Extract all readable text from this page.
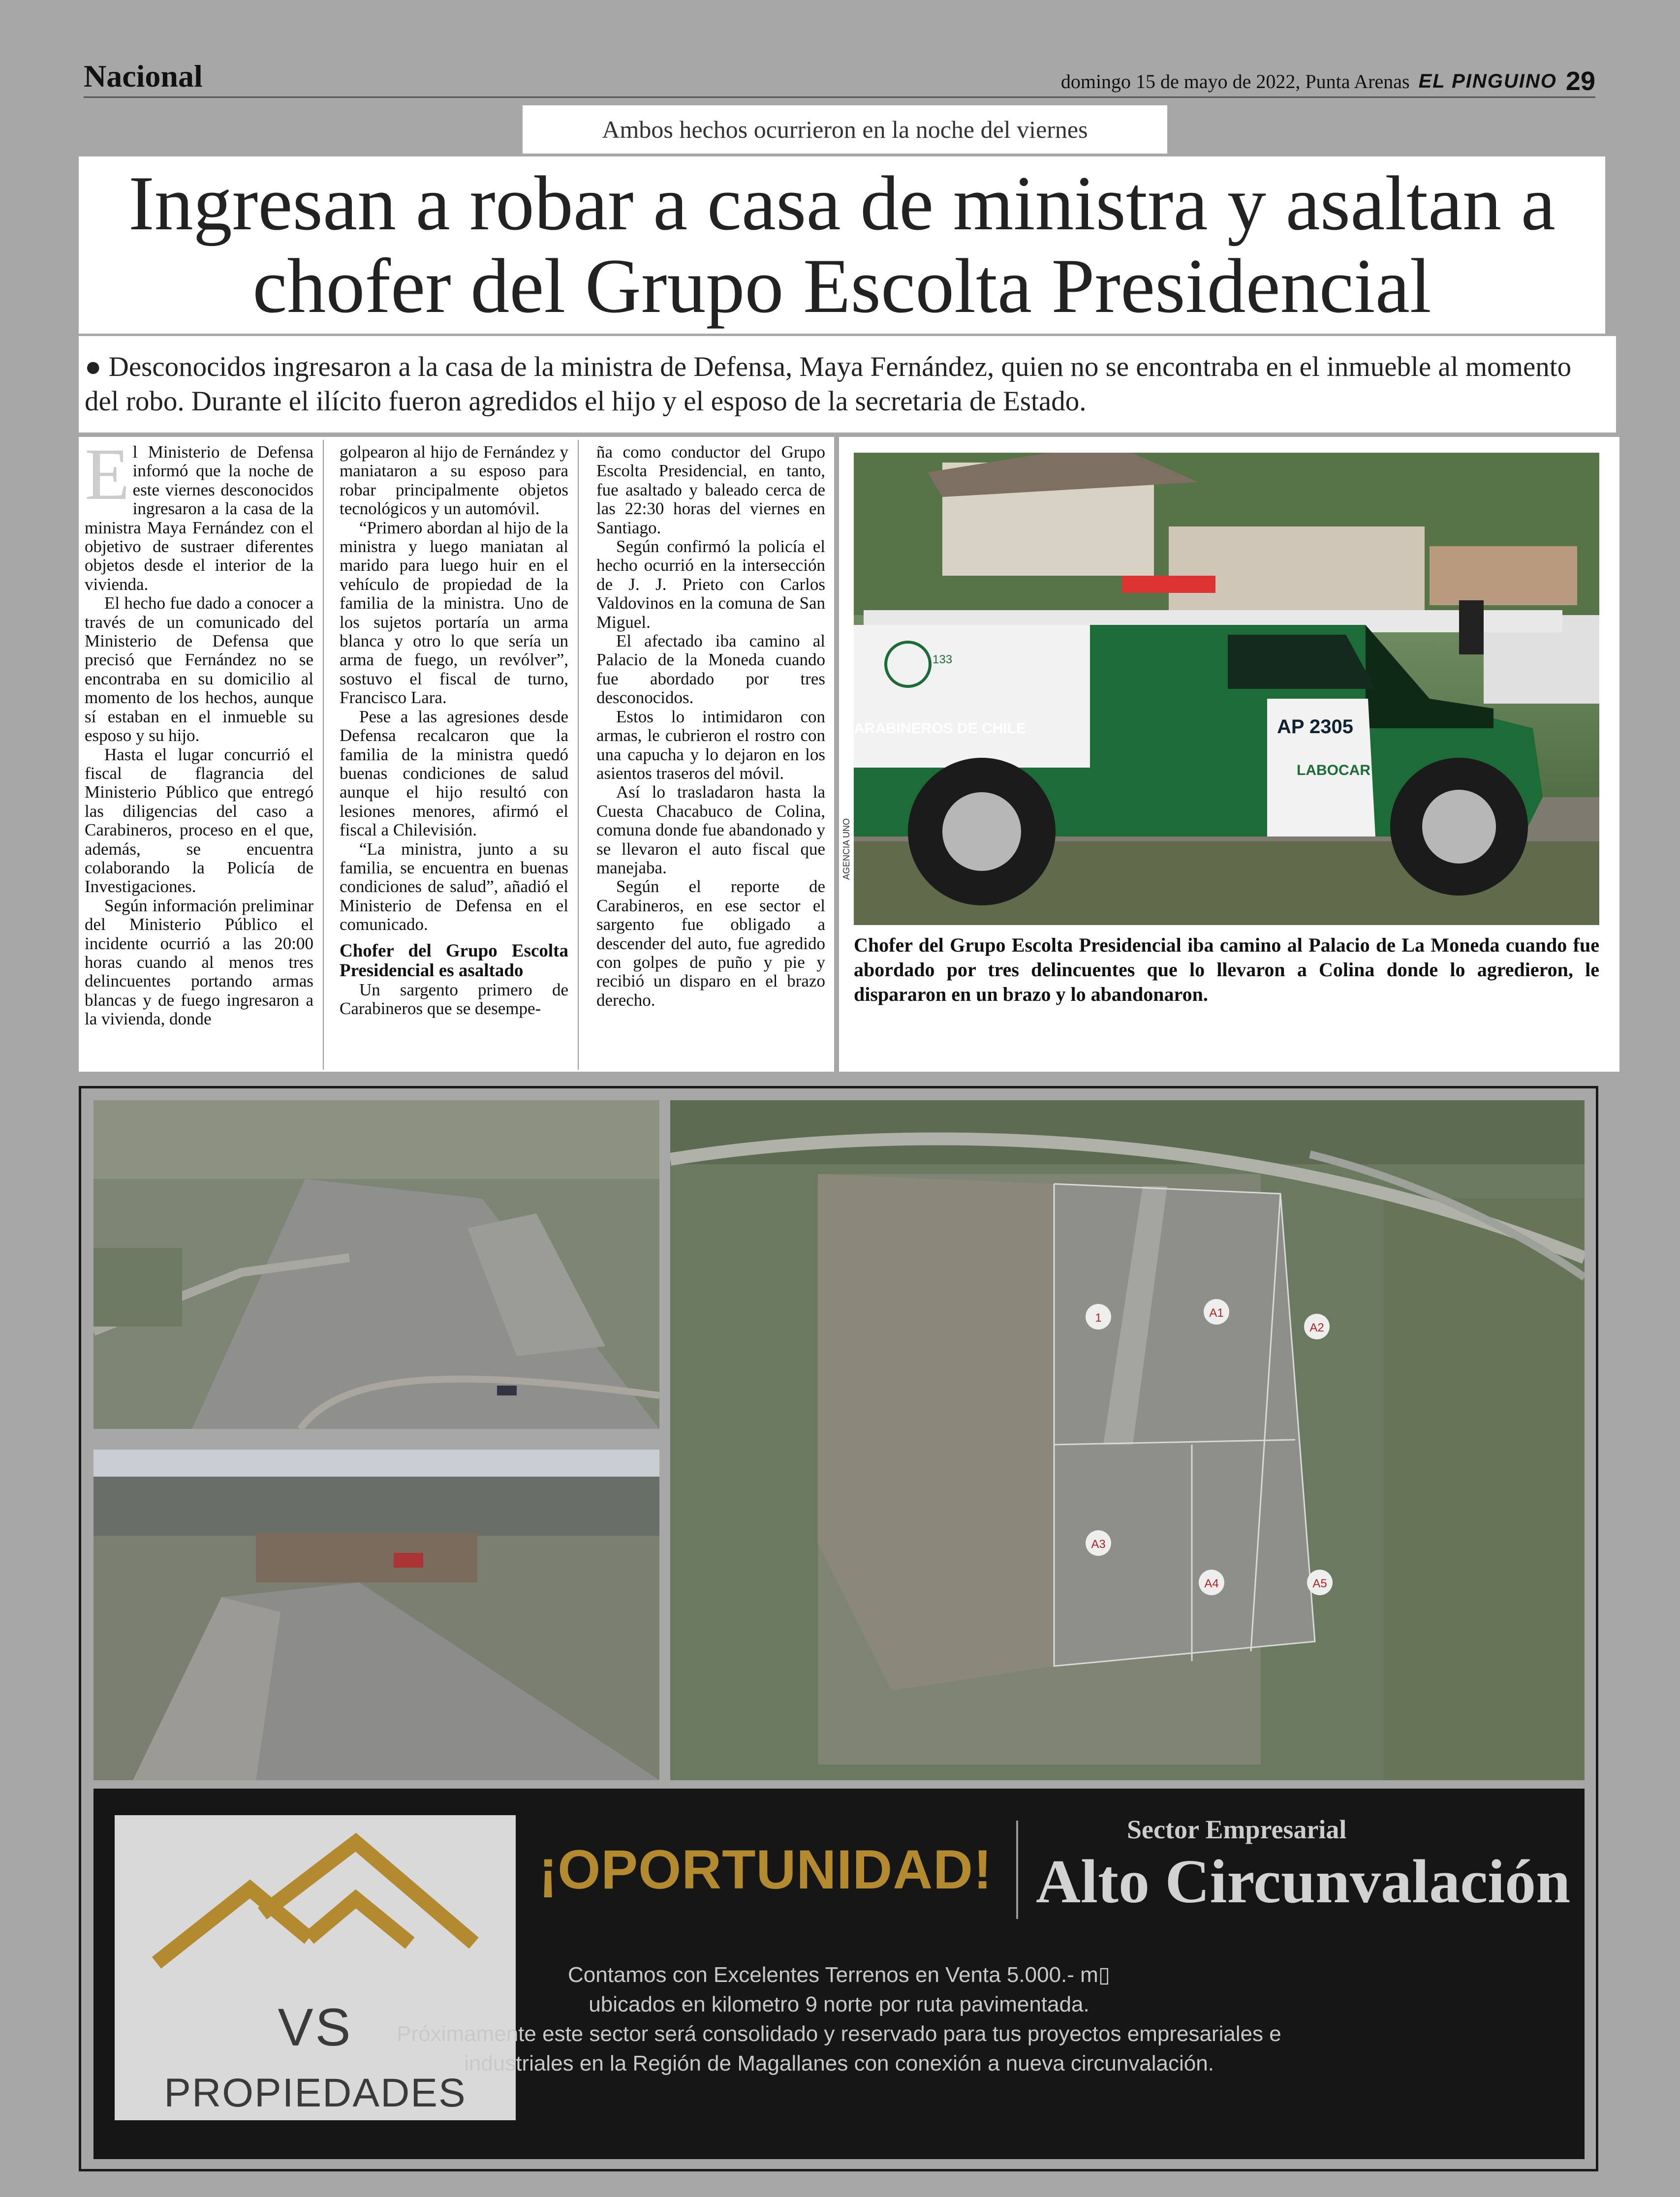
Nacional	domingo 15 de mayo de 2022, Punta Arenas EL PINGUINO 29
Ambos hechos ocurrieron en la noche del viernes
Ingresan a robar a casa de ministra y asaltan a chofer del Grupo Escolta Presidencial
● Desconocidos ingresaron a la casa de la ministra de Defensa, Maya Fernández, quien no se encontraba en el inmueble al momento del robo. Durante el ilícito fueron agredidos el hijo y el esposo de la secretaria de Estado.

El Ministerio de Defensa informó que la noche de este viernes desconocidos ingresaron a la casa de la ministra Maya Fernández con el objetivo de sustraer diferentes objetos desde el interior de la vivienda.

El hecho fue dado a conocer a través de un comunicado del Ministerio de Defensa que precisó que Fernández no se encontraba en su domicilio al momento de los hechos, aunque sí estaban en el inmueble su esposo y su hijo.

Hasta el lugar concurrió el fiscal de flagrancia del Ministerio Público que entregó las diligencias del caso a Carabineros, proceso en el que, además, se encuentra colaborando la Policía de Investigaciones.

Según información preliminar del Ministerio Público el incidente ocurrió a las 20:00 horas cuando al menos tres delincuentes portando armas blancas y de fuego ingresaron a la vivienda, donde

golpearon al hijo de Fernández y maniataron a su esposo para robar principalmente objetos tecnológicos y un automóvil.

“Primero abordan al hijo de la ministra y luego maniatan al marido para luego huir en el vehículo de propiedad de la familia de la ministra. Uno de los sujetos portaría un arma blanca y otro lo que sería un arma de fuego, un revólver”, sostuvo el fiscal de turno, Francisco Lara.

Pese a las agresiones desde Defensa recalcaron que la familia de la ministra quedó buenas condiciones de salud aunque el hijo resultó con lesiones menores, afirmó el fiscal a Chilevisión.

“La ministra, junto a su familia, se encuentra en buenas condiciones de salud”, añadió el Ministerio de Defensa en el comunicado.

Chofer del Grupo Escolta Presidencial es asaltado

Un sargento primero de Carabineros que se desempe-

ña como conductor del Grupo Escolta Presidencial, en tanto, fue asaltado y baleado cerca de las 22:30 horas del viernes en Santiago.

Según confirmó la policía el hecho ocurrió en la intersección de J. J. Prieto con Carlos Valdovinos en la comuna de San Miguel.

El afectado iba camino al Palacio de la Moneda cuando fue abordado por tres desconocidos.

Estos lo intimidaron con armas, le cubrieron el rostro con una capucha y lo dejaron en los asientos traseros del móvil.

Así lo trasladaron hasta la Cuesta Chacabuco de Colina, comuna donde fue abandonado y se llevaron el auto fiscal que manejaba.

Según el reporte de Carabineros, en ese sector el sargento fue obligado a descender del auto, fue agredido con golpes de puño y pie y recibió un disparo en el brazo derecho.

AGENCIA UNO
ARABINEROS DE CHILE	AP 2305
LABOCAR
133
Chofer del Grupo Escolta Presidencial iba camino al Palacio de La Moneda cuando fue abordado por tres delincuentes que lo llevaron a Colina donde lo agredieron, le dispararon en un brazo y lo abandonaron.
1	A1
A2
A3
A4	A5
VS
PROPIEDADES
¡OPORTUNIDAD!
Sector Empresarial
Alto Circunvalación
Contamos con Excelentes Terrenos en Venta 5.000.- m▯
ubicados en kilometro 9 norte por ruta pavimentada.
Próximamente este sector será consolidado y reservado para tus proyectos empresariales e
industriales en la Región de Magallanes con conexión a nueva circunvalación.
